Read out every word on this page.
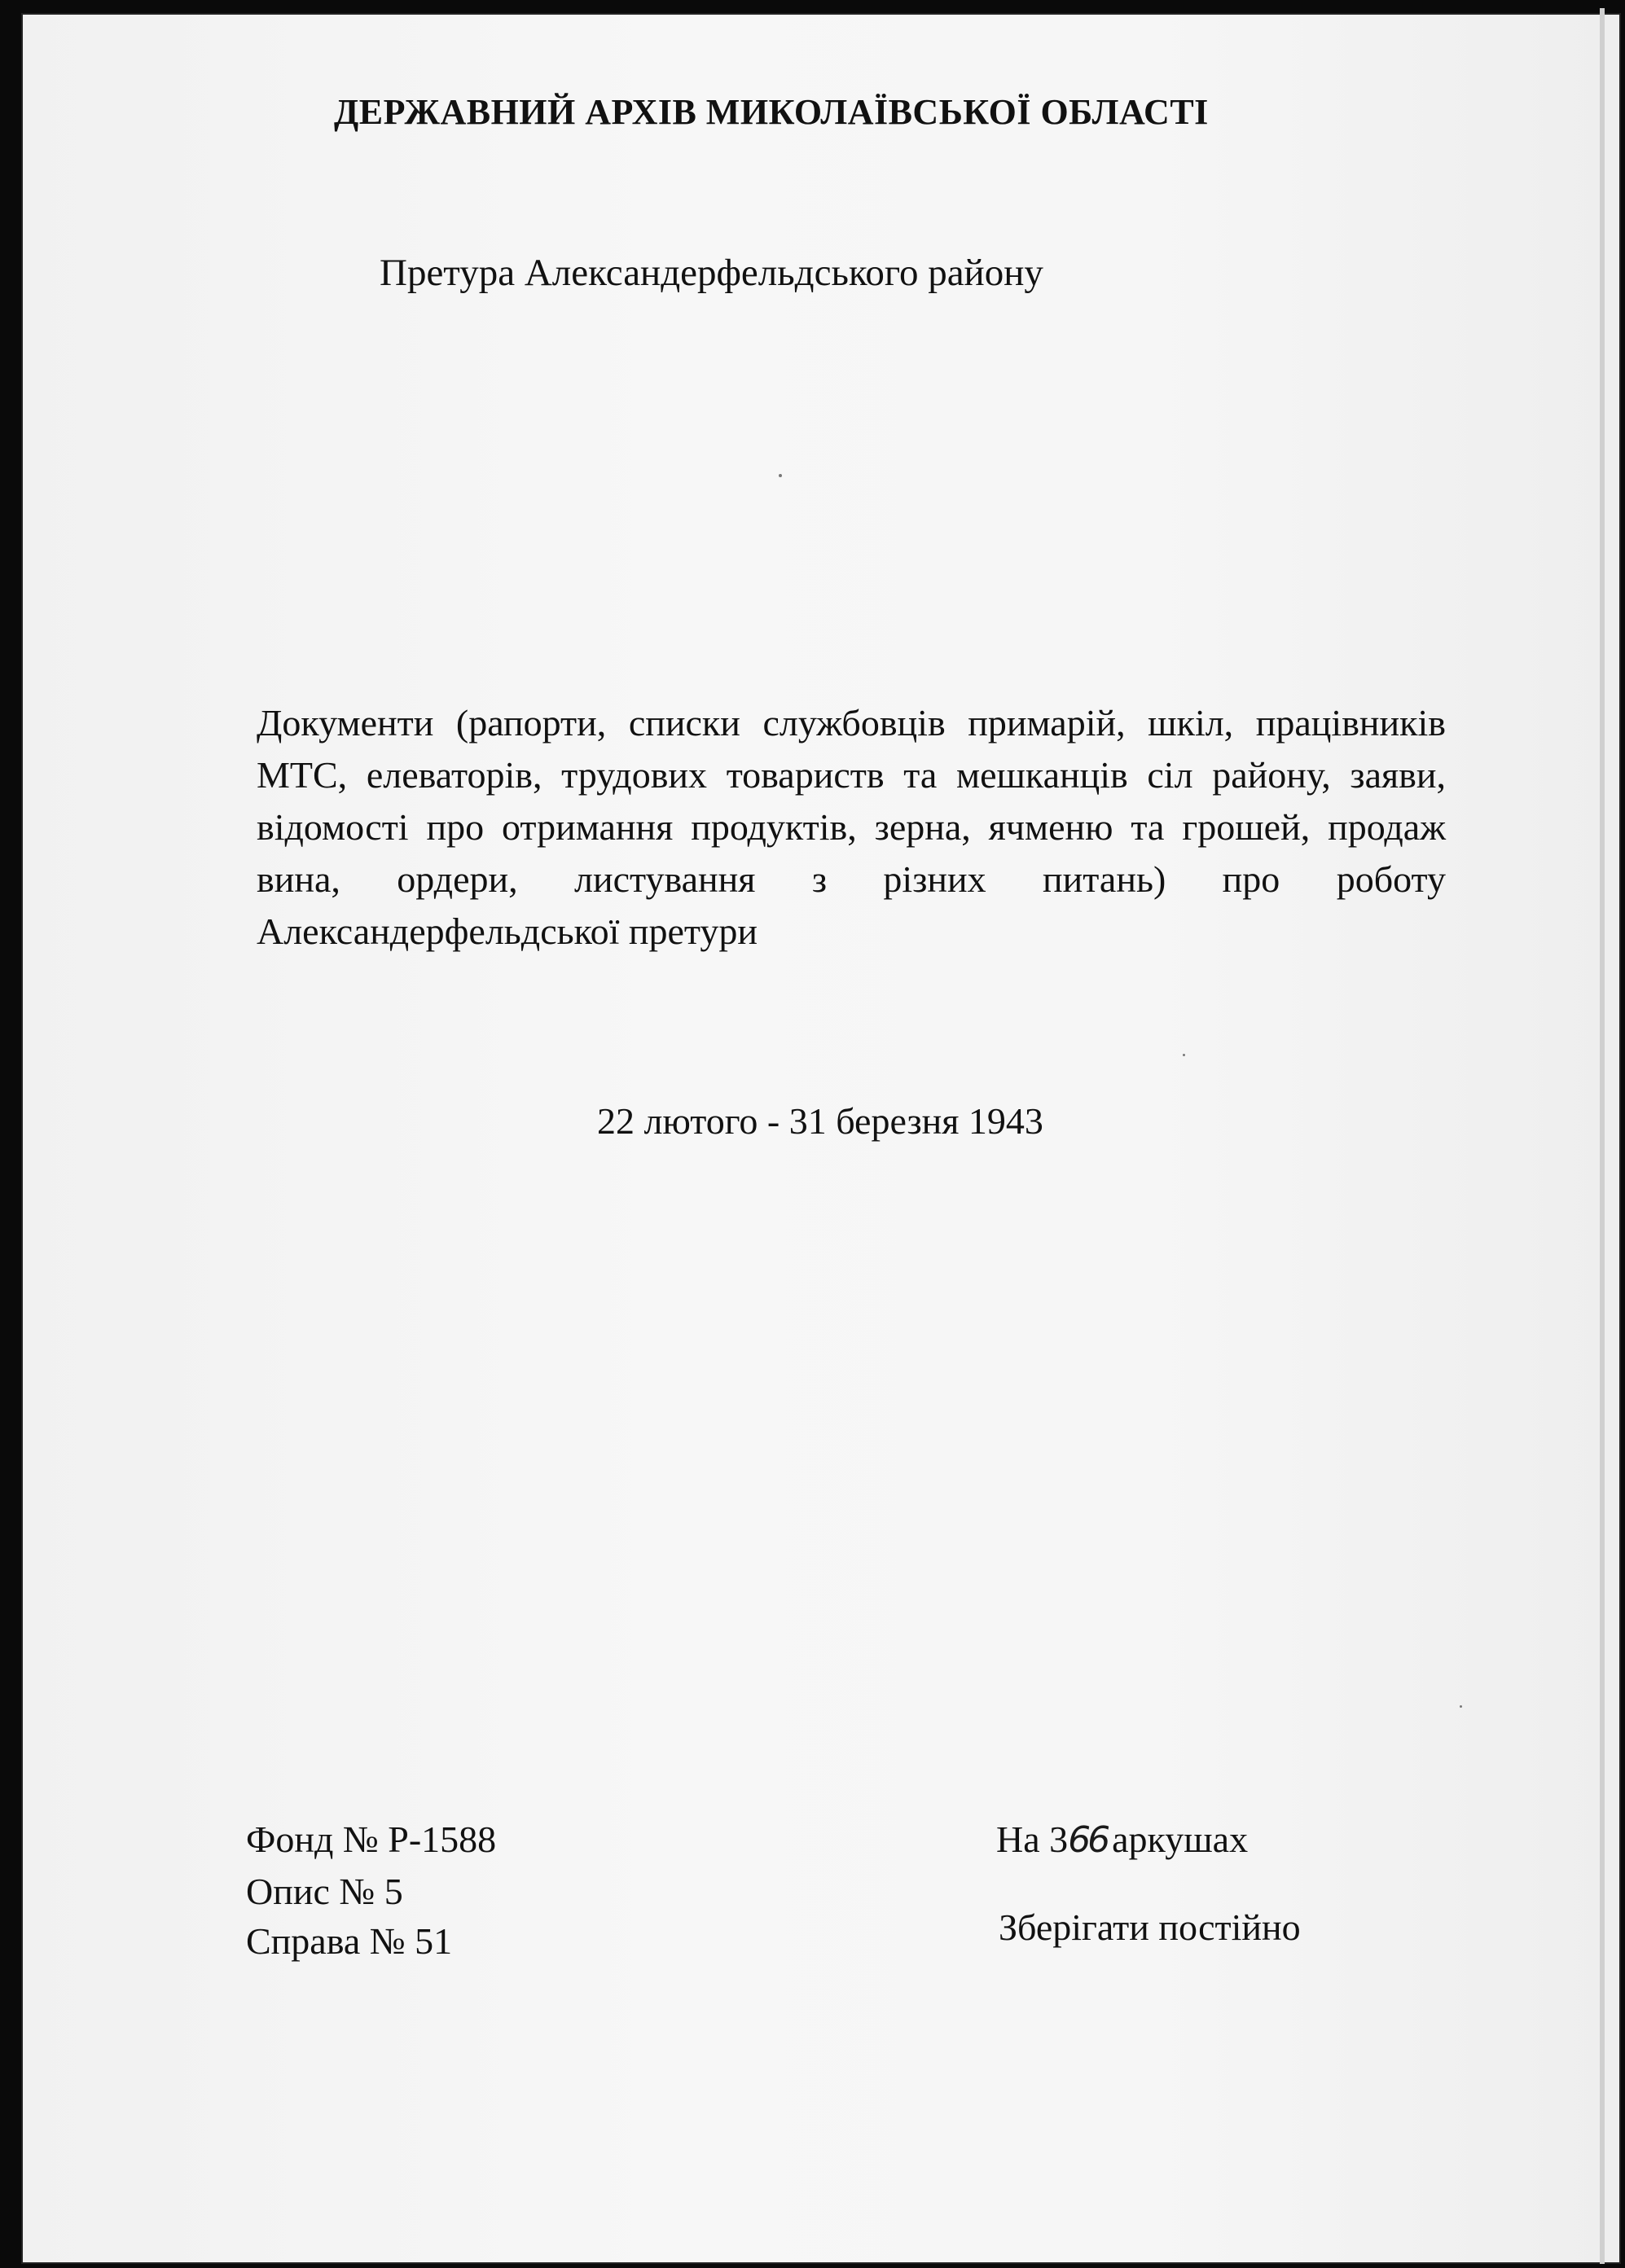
ДЕРЖАВНИЙ АРХІВ МИКОЛАЇВСЬКОЇ ОБЛАСТІ
Претура Александерфельдського району
Документи (рапорти, списки службовців примарій, шкіл, працівників МТС, елеваторів, трудових товариств та мешканців сіл району, заяви, відомості про отримання продуктів, зерна, ячменю та грошей, продаж вина, ордери, листування з різних питань) про роботу Александерфельдської претури
22 лютого - 31 березня 1943
Фонд № Р-1588
Опис № 5
Справа № 51
На 366 аркушах
Зберігати постійно
